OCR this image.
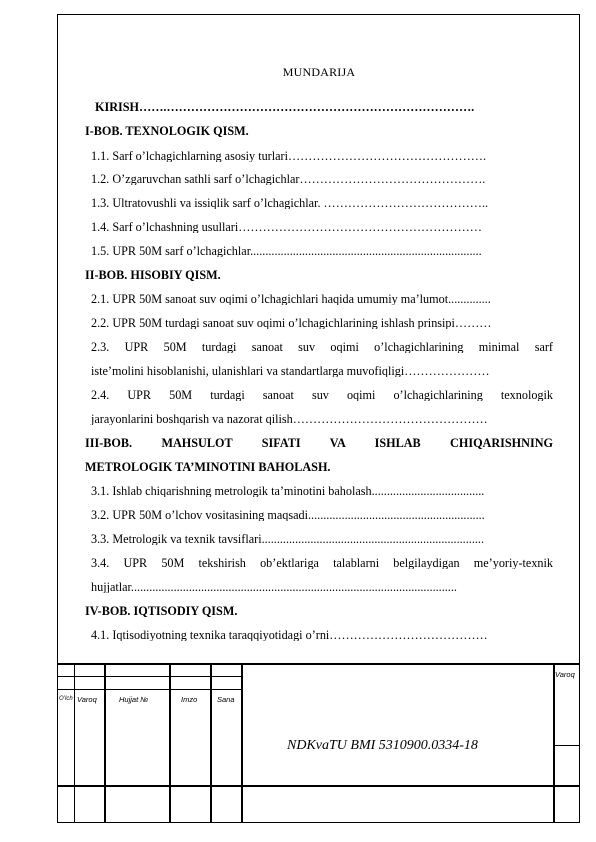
MUNDARIJA
KIRISH…….………………………………………………………………….
I-BOB. TEXNOLOGIK QISM.
1.1. Sarf o’lchagichlarning asosiy turlari………………………………………….
1.2. O’zgaruvchan sathli sarf o’lchagichlar……………………………………….
1.3. Ultratovushli va issiqlik sarf o’lchagichlar. …………………………………..
1.4. Sarf o’lchashning usullari……………………………………………………
1.5. UPR 50M sarf o’lchagichlar............................................................................
II-BOB. HISOBIY QISM.
2.1. UPR 50M sanoat suv oqimi o’lchagichlari haqida umumiy ma’lumot..............
2.2. UPR 50M turdagi sanoat suv oqimi o’lchagichlarining ishlash prinsipi………
2.3. UPR 50M turdagi sanoat suv oqimi o’lchagichlarining minimal sarf
iste’molini hisoblanishi, ulanishlari va standartlarga muvofiqligi…………………
2.4. UPR 50M turdagi sanoat suv oqimi o’lchagichlarining texnologik
jarayonlarini boshqarish va nazorat qilish…………………………………………
III-BOB. MAHSULOT SIFATI VA ISHLAB CHIQARISHNING
METROLOGIK TA’MINOTINI BAHOLASH.
3.1. Ishlab chiqarishning metrologik ta’minotini baholash.....................................
3.2. UPR 50M o’lchov vositasining maqsadi..........................................................
3.3. Metrologik va texnik tavsiflari.........................................................................
3.4. UPR 50M tekshirish ob’ektlariga talablarni belgilaydigan me’yoriy-texnik
hujjatlar...........................................................................................................
IV-BOB. IQTISODIY QISM.
4.1. Iqtisodiyotning texnika taraqqiyotidagi o’rni…………………………………
O’lch Varoq	Hujjat №	Imzo	Sana
Varoq
NDKvaTU BMI 5310900.0334-18
